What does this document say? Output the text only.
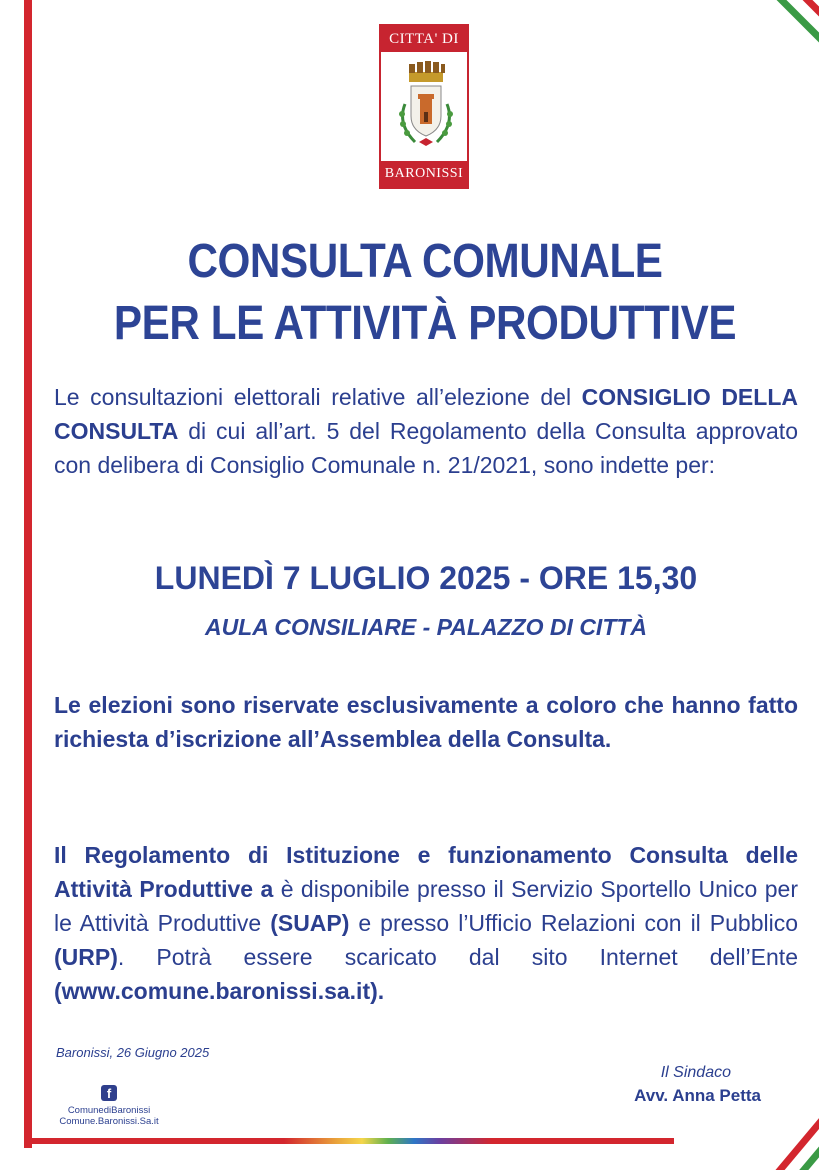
CITTA' DI
BARONISSI
CONSULTA COMUNALE
PER LE ATTIVITÀ PRODUTTIVE

Le consultazioni elettorali relative all’elezione del CONSIGLIO DELLA CONSULTA di cui all’art. 5 del Regolamento della Consulta approvato con delibera di Consiglio Comunale n. 21/2021, sono indette per:

LUNEDÌ 7 LUGLIO 2025 - ORE 15,30
AULA CONSILIARE - PALAZZO DI CITTÀ

Le elezioni sono riservate esclusivamente a coloro che hanno fatto richiesta d’iscrizione all’Assemblea della Consulta.

Il Regolamento di Istituzione e funzionamento Consulta delle Attività Produttive a è disponibile presso il Servizio Sportello Unico per le Attività Produttive (SUAP) e presso l’Ufficio Relazioni con il Pubblico (URP). Potrà essere scaricato dal sito Internet dell’Ente (www.comune.baronissi.sa.it).

Baronissi, 26 Giugno 2025
Il Sindaco
Avv. Anna Petta
f
ComunediBaronissi
Comune.Baronissi.Sa.it
